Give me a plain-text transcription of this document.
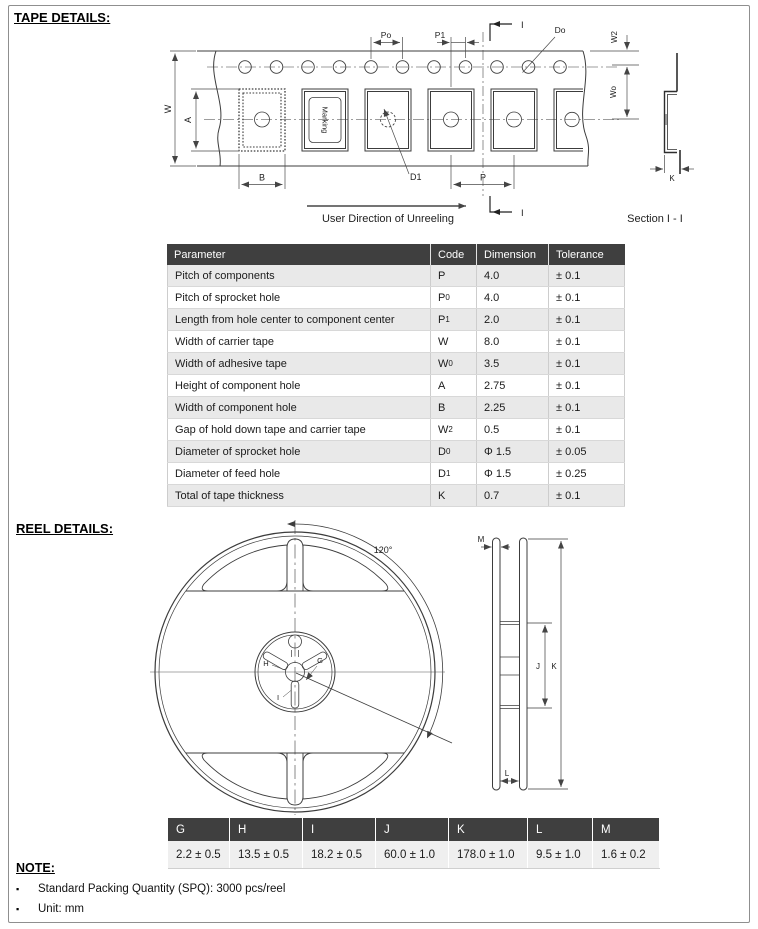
TAPE DETAILS:
Marking
W
A
B	P
Po	P1	Do
D1
W2
Wo
I
I
User Direction of Unreeling
K
Section I - I
Parameter	Code	Dimension	Tolerance
Pitch of components	P	4.0	± 0.1
Pitch of sprocket hole	P 0	4.0	± 0.1
Length from hole center to component center	P 1	2.0	± 0.1
Width of carrier tape	W	8.0	± 0.1
Width of adhesive tape	W 0	3.5	± 0.1
Height of component hole	A	2.75	± 0.1
Width of component hole	B	2.25	± 0.1
Gap of hold down tape and carrier tape	W 2	0.5	± 0.1
Diameter of sprocket hole	D 0	Φ 1.5	± 0.05
Diameter of feed hole	D 1	Φ 1.5	± 0.25
Total of tape thickness	K	0.7	± 0.1
REEL DETAILS:
H	G
I
120°
M
J K
L
G	H	I	J	K	L	M
2.2 ± 0.5	13.5 ± 0.5	18.2 ± 0.5	60.0 ± 1.0	178.0 ± 1.0	9.5 ± 1.0	1.6 ± 0.2
NOTE:
▪	Standard Packing Quantity (SPQ): 3000 pcs/reel
▪	Unit: mm
